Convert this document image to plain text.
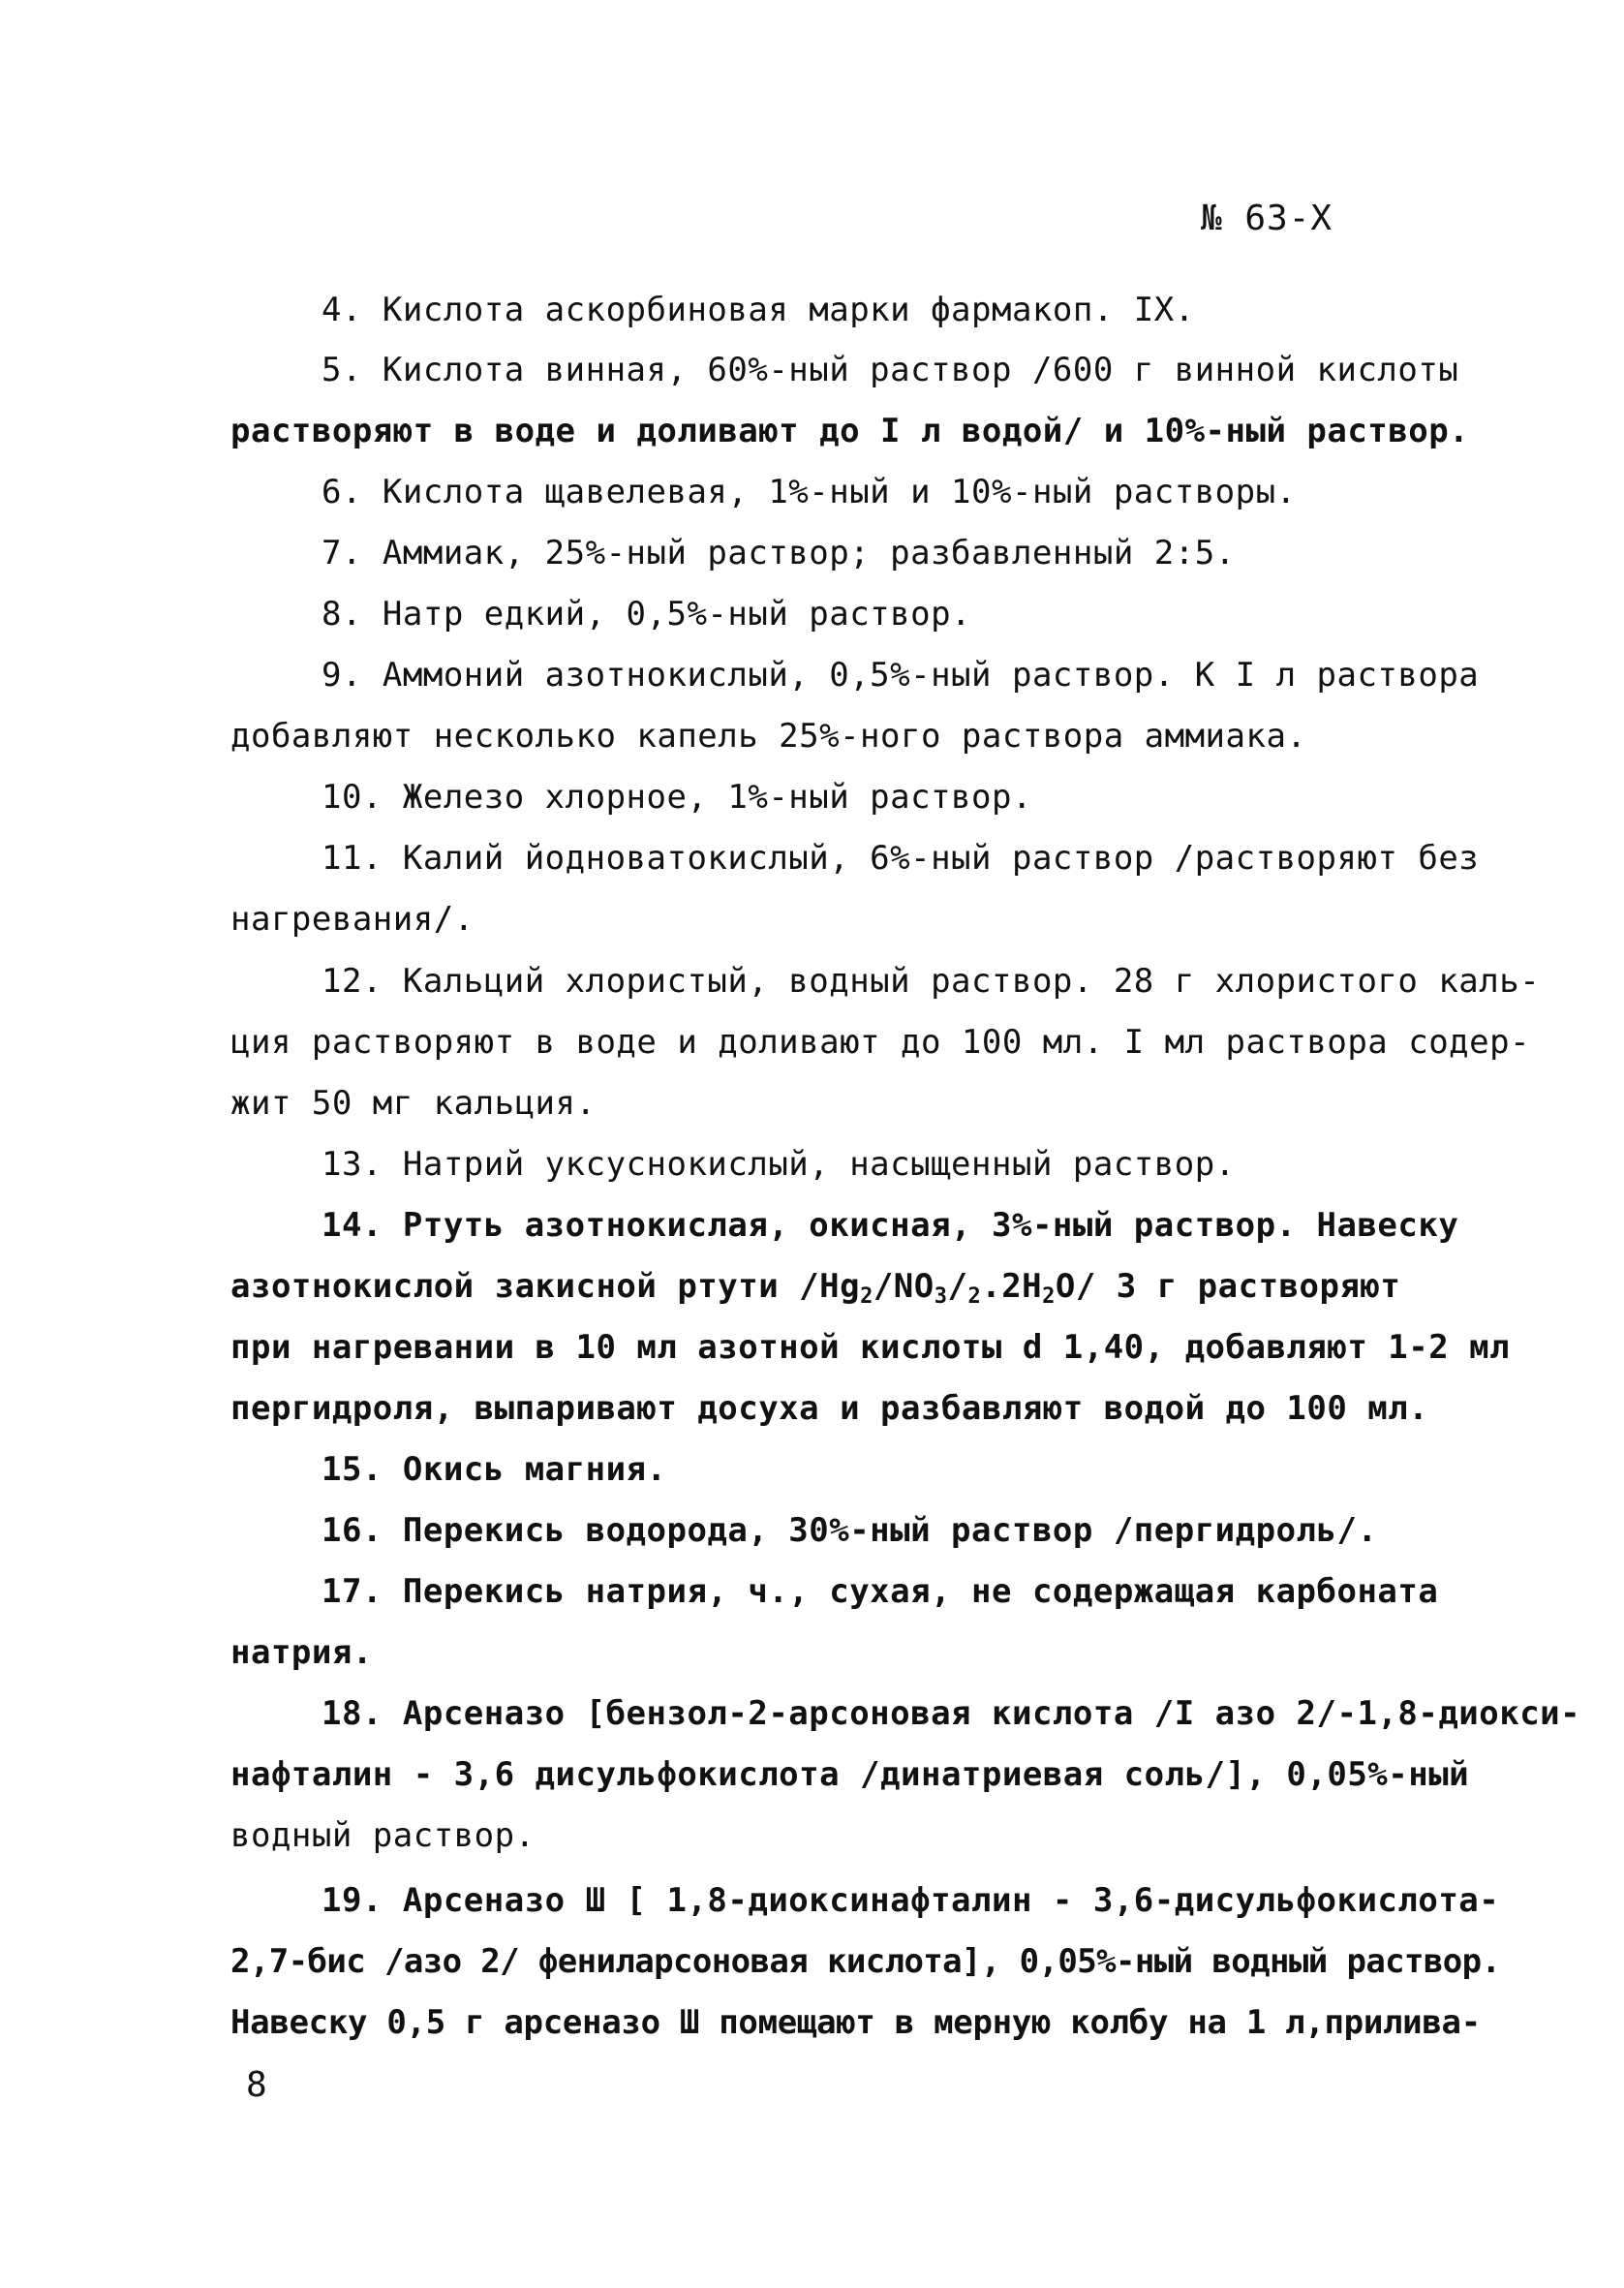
№ 63-X
4. Кислота аскорбиновая марки фармакоп. IX.
5. Кислота винная, 60%-ный раствор /600 г винной кислоты
растворяют в воде и доливают до I л водой/ и 10%-ный раствор.
6. Кислота щавелевая, 1%-ный и 10%-ный растворы.
7. Аммиак, 25%-ный раствор; разбавленный 2:5.
8. Натр едкий, 0,5%-ный раствор.
9. Аммоний азотнокислый, 0,5%-ный раствор. К I л раствора
добавляют несколько капель 25%-ного раствора аммиака.
10. Железо хлорное, 1%-ный раствор.
11. Калий йодноватокислый, 6%-ный раствор /растворяют без
нагревания/.
12. Кальций хлористый, водный раствор. 28 г хлористого каль-
ция растворяют в воде и доливают до 100 мл. I мл раствора содер-
жит 50 мг кальция.
13. Натрий уксуснокислый, насыщенный раствор.
14. Ртуть азотнокислая, окисная, 3%-ный раствор. Навеску
азотнокислой закисной ртути $/Hg_2/NO_3/_2.2H_2O/$ 3 г растворяют
при нагревании в 10 мл азотной кислоты d 1,40, добавляют 1-2 мл
пергидроля, выпаривают досуха и разбавляют водой до 100 мл.
15. Окись магния.
16. Перекись водорода, 30%-ный раствор /пергидроль/.
17. Перекись натрия, ч., сухая, не содержащая карбоната
натрия.
18. Арсеназо [бензол-2-арсоновая кислота /I азо 2/-1,8-диокси-
нафталин - 3,6 дисульфокислота /динатриевая соль/], 0,05%-ный
водный раствор.
19. Арсеназо Ш [ 1,8-диоксинафталин - 3,6-дисульфокислота-
2,7-бис /азо 2/ фениларсоновая кислота], 0,05%-ный водный раствор.
Навеску 0,5 г арсеназо Ш помещают в мерную колбу на 1 л,прилива-
8
